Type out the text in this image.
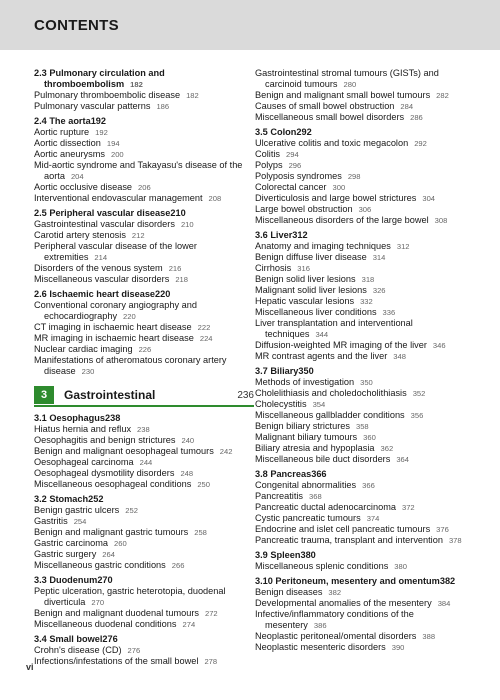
CONTENTS
2.3 Pulmonary circulation and
thromboembolism 182
Pulmonary thromboembolic disease 182
Pulmonary vascular patterns 186
2.4 The aorta192
Aortic rupture 192
Aortic dissection 194
Aortic aneurysms 200
Mid-aortic syndrome and Takayasu's disease of the
aorta 204
Aortic occlusive disease 206
Interventional endovascular management 208
2.5 Peripheral vascular disease210
Gastrointestinal vascular disorders 210
Carotid artery stenosis 212
Peripheral vascular disease of the lower
extremities 214
Disorders of the venous system 216
Miscellaneous vascular disorders 218
2.6 Ischaemic heart disease220
Conventional coronary angiography and
echocardiography 220
CT imaging in ischaemic heart disease 222
MR imaging in ischaemic heart disease 224
Nuclear cardiac imaging 226
Manifestations of atheromatous coronary artery
disease 230
3	Gastrointestinal	236
3.1 Oesophagus238
Hiatus hernia and reflux 238
Oesophagitis and benign strictures 240
Benign and malignant oesophageal tumours 242
Oesophageal carcinoma 244
Oesophageal dysmotility disorders 248
Miscellaneous oesophageal conditions 250
3.2 Stomach252
Benign gastric ulcers 252
Gastritis 254
Benign and malignant gastric tumours 258
Gastric carcinoma 260
Gastric surgery 264
Miscellaneous gastric conditions 266
3.3 Duodenum270
Peptic ulceration, gastric heterotopia, duodenal
diverticula 270
Benign and malignant duodenal tumours 272
Miscellaneous duodenal conditions 274
3.4 Small bowel276
Crohn's disease (CD) 276
Infections/infestations of the small bowel 278
Gastrointestinal stromal tumours (GISTs) and
carcinoid tumours 280
Benign and malignant small bowel tumours 282
Causes of small bowel obstruction 284
Miscellaneous small bowel disorders 286
3.5 Colon292
Ulcerative colitis and toxic megacolon 292
Colitis 294
Polyps 296
Polyposis syndromes 298
Colorectal cancer 300
Diverticulosis and large bowel strictures 304
Large bowel obstruction 306
Miscellaneous disorders of the large bowel 308
3.6 Liver312
Anatomy and imaging techniques 312
Benign diffuse liver disease 314
Cirrhosis 316
Benign solid liver lesions 318
Malignant solid liver lesions 326
Hepatic vascular lesions 332
Miscellaneous liver conditions 336
Liver transplantation and interventional
techniques 344
Diffusion-weighted MR imaging of the liver 346
MR contrast agents and the liver 348
3.7 Biliary350
Methods of investigation 350
Cholelithiasis and choledocholithiasis 352
Cholecystitis 354
Miscellaneous gallbladder conditions 356
Benign biliary strictures 358
Malignant biliary tumours 360
Biliary atresia and hypoplasia 362
Miscellaneous bile duct disorders 364
3.8 Pancreas366
Congenital abnormalities 366
Pancreatitis 368
Pancreatic ductal adenocarcinoma 372
Cystic pancreatic tumours 374
Endocrine and islet cell pancreatic tumours 376
Pancreatic trauma, transplant and intervention 378
3.9 Spleen380
Miscellaneous splenic conditions 380
3.10 Peritoneum, mesentery and omentum382
Benign diseases 382
Developmental anomalies of the mesentery 384
Infective/inflammatory conditions of the
mesentery 386
Neoplastic peritoneal/omental disorders 388
Neoplastic mesenteric disorders 390
vi
